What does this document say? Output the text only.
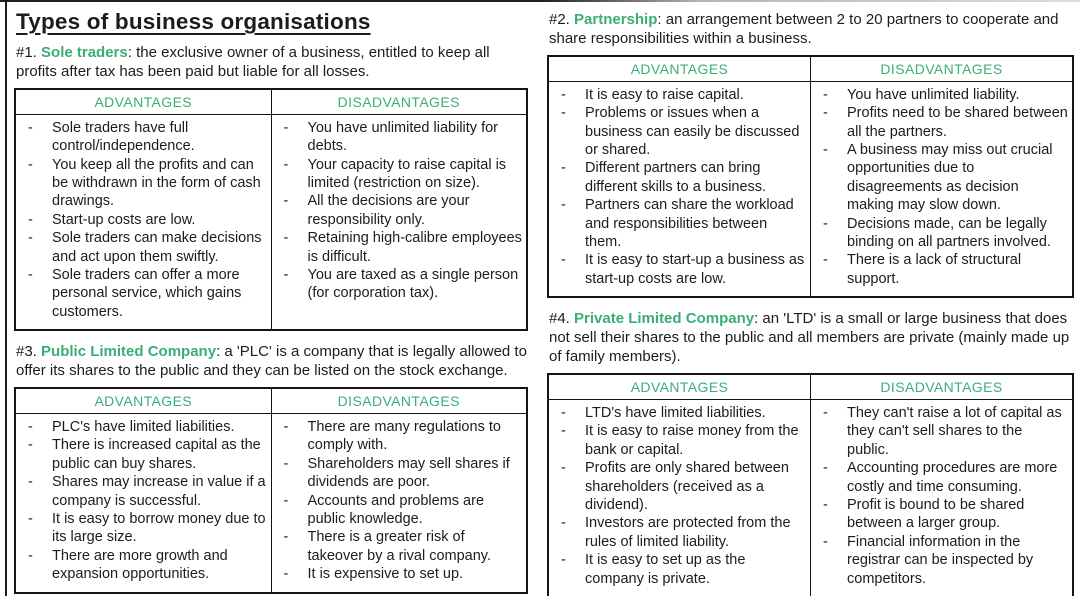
Types of business organisations

#1. Sole traders: the exclusive owner of a business, entitled to keep all profits after tax has been paid but liable for all losses.

ADVANTAGES	DISADVANTAGES

- Sole traders have full control/independence.
- You keep all the profits and can be withdrawn in the form of cash drawings.
- Start-up costs are low.
- Sole traders can make decisions and act upon them swiftly.
- Sole traders can offer a more personal service, which gains customers.

- You have unlimited liability for debts.
- Your capacity to raise capital is limited (restriction on size).
- All the decisions are your responsibility only.
- Retaining high-calibre employees is difficult.
- You are taxed as a single person (for corporation tax).

#3. Public Limited Company: a 'PLC' is a company that is legally allowed to offer its shares to the public and they can be listed on the stock exchange.

ADVANTAGES	DISADVANTAGES

- PLC's have limited liabilities.
- There is increased capital as the public can buy shares.
- Shares may increase in value if a company is successful.
- It is easy to borrow money due to its large size.
- There are more growth and expansion opportunities.

- There are many regulations to comply with.
- Shareholders may sell shares if dividends are poor.
- Accounts and problems are public knowledge.
- There is a greater risk of takeover by a rival company.
- It is expensive to set up.

#2. Partnership: an arrangement between 2 to 20 partners to cooperate and share responsibilities within a business.

ADVANTAGES	DISADVANTAGES

- It is easy to raise capital.
- Problems or issues when a business can easily be discussed or shared.
- Different partners can bring different skills to a business.
- Partners can share the workload and responsibilities between them.
- It is easy to start-up a business as start-up costs are low.

- You have unlimited liability.
- Profits need to be shared between all the partners.
- A business may miss out crucial opportunities due to disagreements as decision making may slow down.
- Decisions made, can be legally binding on all partners involved.
- There is a lack of structural support.

#4. Private Limited Company: an 'LTD' is a small or large business that does not sell their shares to the public and all members are private (mainly made up of family members).

ADVANTAGES	DISADVANTAGES

- LTD's have limited liabilities.
- It is easy to raise money from the bank or capital.
- Profits are only shared between shareholders (received as a dividend).
- Investors are protected from the rules of limited liability.
- It is easy to set up as the company is private.

- They can't raise a lot of capital as they can't sell shares to the public.
- Accounting procedures are more costly and time consuming.
- Profit is bound to be shared between a larger group.
- Financial information in the registrar can be inspected by competitors.
